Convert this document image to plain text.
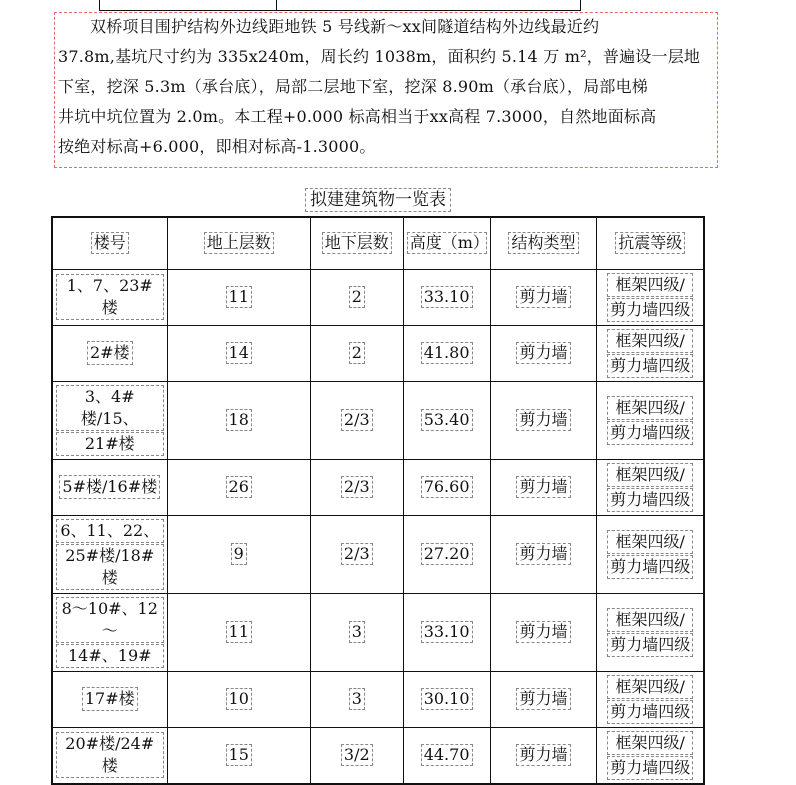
双桥项目围护结构外边线距地铁 5 号线新～xx间隧道结构外边线最近约
37.8m,基坑尺寸约为 335x240m，周长约 1038m，面积约 5.14 万 m²，普遍设一层地
下室，挖深 5.3m（承台底），局部二层地下室，挖深 8.90m（承台底），局部电梯
井坑中坑位置为 2.0m。本工程+0.000 标高相当于xx高程 7.3000，自然地面标高
按绝对标高+6.000，即相对标高-1.3000。
拟建建筑物一览表
楼号	地上层数	地下层数	高度（m）	结构类型	抗震等级

1、7、23#楼	11	2	33.10	剪力墙	框架四级/
剪力墙四级

2#楼	14	2	41.80	剪力墙	框架四级/
剪力墙四级

3、4#楼/15、
21#楼	18	2/3	53.40	剪力墙	框架四级/
剪力墙四级

5#楼/16#楼	26	2/3	76.60	剪力墙	框架四级/
剪力墙四级

6、11、22、
25#楼/18#楼	9	2/3	27.20	剪力墙	框架四级/
剪力墙四级

$\frac{8\sim 10\#、12\sim}{14\#、19\#}$	11	3	33.10	剪力墙	框架四级/
剪力墙四级

17#楼	10	3	30.10	剪力墙	框架四级/
剪力墙四级

20#楼/24#楼	15	3/2	44.70	剪力墙	框架四级/
剪力墙四级
